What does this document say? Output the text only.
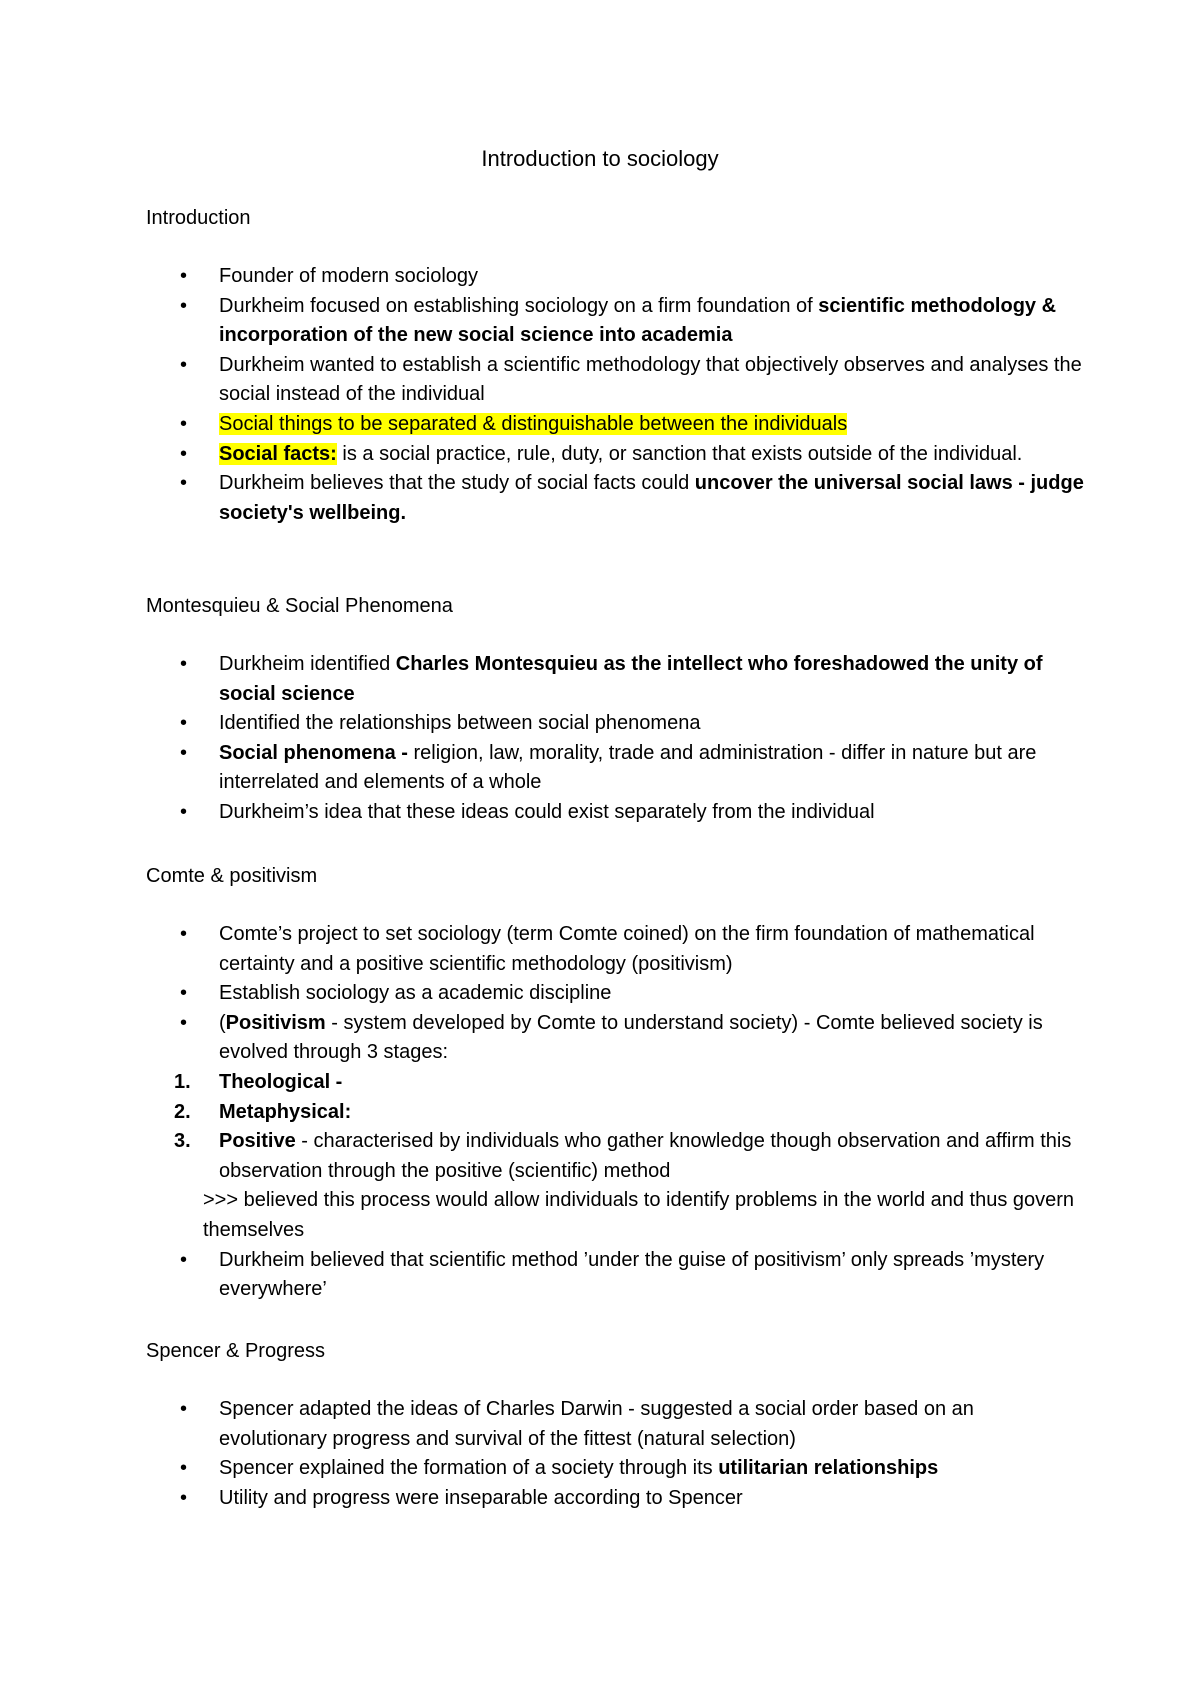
Introduction to sociology
Introduction
• Founder of modern sociology
• Durkheim focused on establishing sociology on a firm foundation of scientific methodology & incorporation of the new social science into academia
• Durkheim wanted to establish a scientific methodology that objectively observes and analyses the social instead of the individual
• Social things to be separated & distinguishable between the individuals
• Social facts: is a social practice, rule, duty, or sanction that exists outside of the individual.
• Durkheim believes that the study of social facts could uncover the universal social laws - judge society's wellbeing.
Montesquieu & Social Phenomena
• Durkheim identified Charles Montesquieu as the intellect who foreshadowed the unity of social science
• Identified the relationships between social phenomena
• Social phenomena - religion, law, morality, trade and administration - differ in nature but are interrelated and elements of a whole
• Durkheim’s idea that these ideas could exist separately from the individual
Comte & positivism
• Comte’s project to set sociology (term Comte coined) on the firm foundation of mathematical certainty and a positive scientific methodology (positivism)
• Establish sociology as a academic discipline
• (Positivism - system developed by Comte to understand society) - Comte believed society is evolved through 3 stages:
1. Theological -
2. Metaphysical:
3. Positive - characterised by individuals who gather knowledge though observation and affirm this observation through the positive (scientific) method
>>> believed this process would allow individuals to identify problems in the world and thus govern themselves
• Durkheim believed that scientific method ’under the guise of positivism’ only spreads ’mystery everywhere’
Spencer & Progress
• Spencer adapted the ideas of Charles Darwin - suggested a social order based on an evolutionary progress and survival of the fittest (natural selection)
• Spencer explained the formation of a society through its utilitarian relationships
• Utility and progress were inseparable according to Spencer
